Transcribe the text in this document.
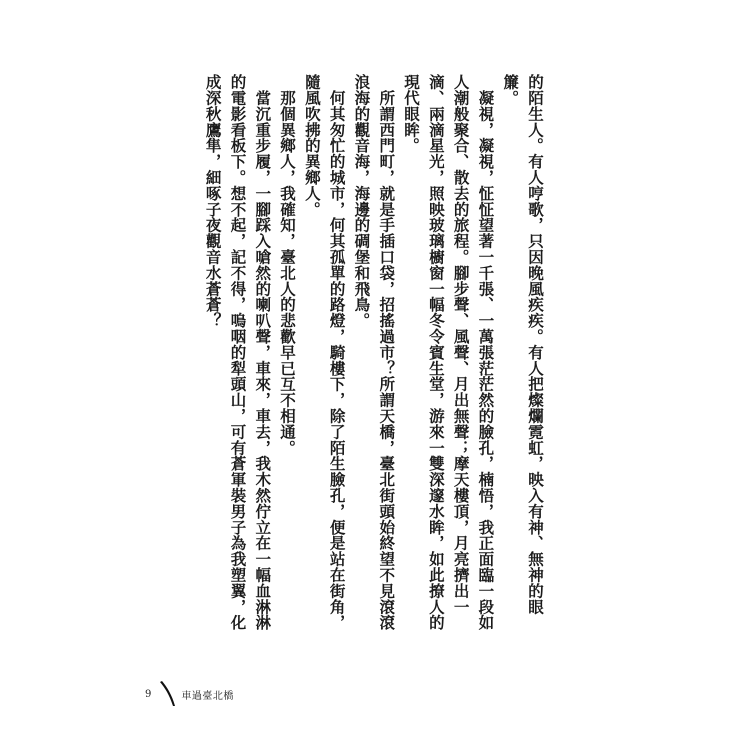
的陌生人。有人哼歌，只因晚風疾疾。有人把燦爛霓虹，映入有神、無神的眼簾。

　凝視，凝視，怔怔望著一千張、一萬張茫茫然的臉孔，楠悟，我正面臨一段如人潮般聚合、散去的旅程。腳步聲、風聲、月出無聲；摩天樓頂，月亮擠出一滴、兩滴星光，照映玻璃櫥窗一幅冬令賓生堂，游來一雙深邃水眸，如此撩人的現代眼眸。

　所謂西門町，就是手插口袋，招搖過市？所謂天橋，臺北街頭始終望不見滾滾浪海的觀音海，海邊的碉堡和飛鳥。

　何其匆忙的城市，何其孤單的路燈，騎樓下，除了陌生臉孔，便是站在街角，隨風吹拂的異鄉人。

　那個異鄉人，我確知，臺北人的悲歡早已互不相通。

　當沉重步履，一腳踩入嗆然的喇叭聲，車來，車去，我木然佇立在一幅血淋淋的電影看板下。想不起，記不得，嗚咽的犁頭山，可有蒼軍裝男子為我塑翼，化成深秋鷹隼，細啄子夜觀音水蒼蒼？

9	車過臺北橋
